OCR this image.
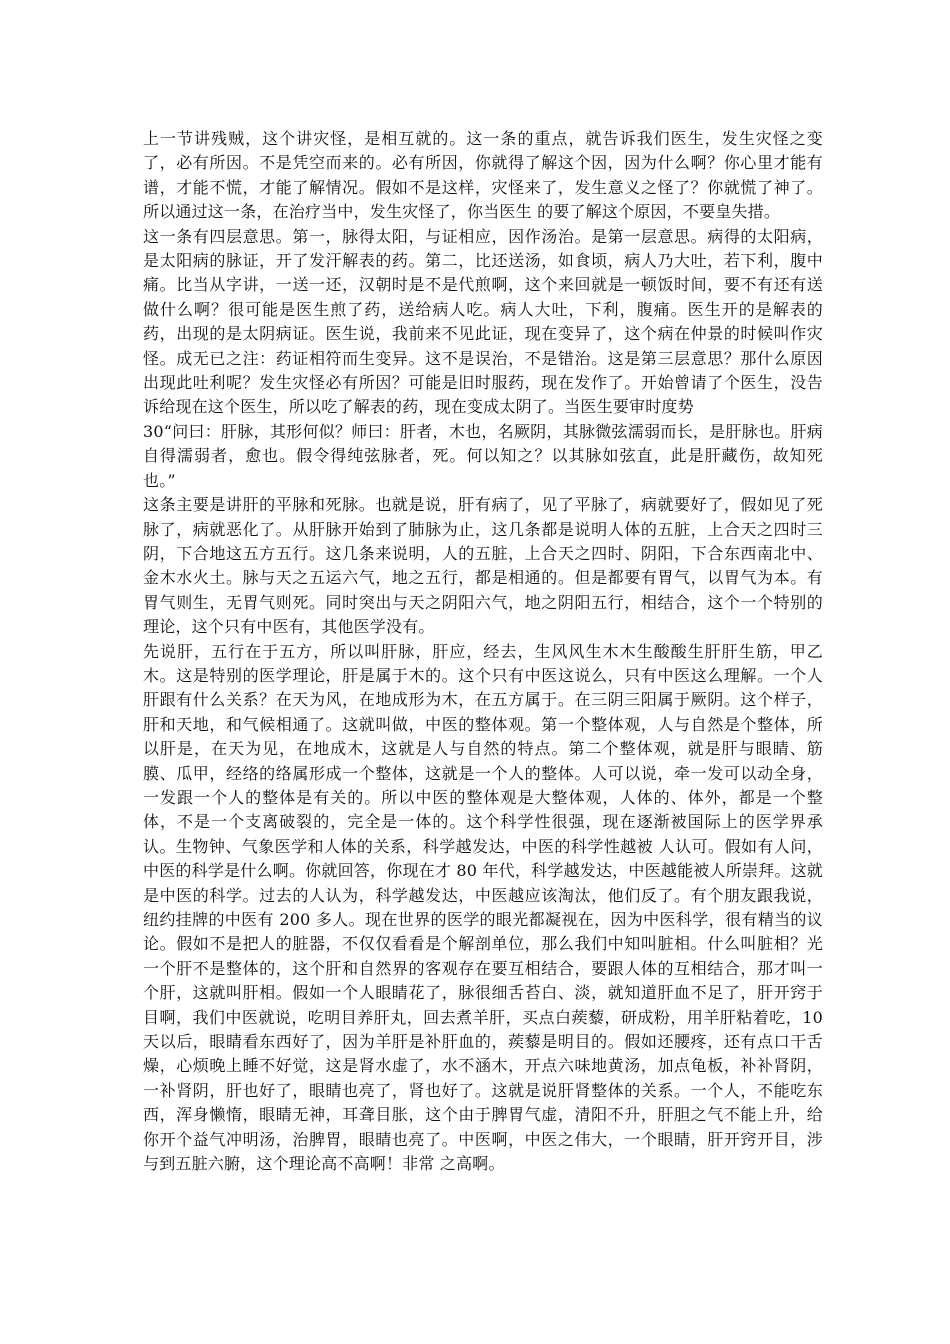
上一节讲残贼，这个讲灾怪，是相互就的。这一条的重点，就告诉我们医生，发生灾怪之变了，必有所因。不是凭空而来的。必有所因，你就得了解这个因，因为什么啊？你心里才能有谱，才能不慌，才能了解情况。假如不是这样，灾怪来了，发生意义之怪了？你就慌了神了。所以通过这一条，在治疗当中，发生灾怪了，你当医生 的要了解这个原因，不要皇失措。

这一条有四层意思。第一，脉得太阳，与证相应，因作汤治。是第一层意思。病得的太阳病，是太阳病的脉证，开了发汗解表的药。第二，比还送汤，如食顷，病人乃大吐，若下利，腹中痛。比当从字讲，一送一还，汉朝时是不是代煎啊，这个来回就是一顿饭时间，要不有还有送做什么啊？很可能是医生煎了药，送给病人吃。病人大吐，下利，腹痛。医生开的是解表的药，出现的是太阴病证。医生说，我前来不见此证，现在变异了，这个病在仲景的时候叫作灾怪。成无已之注：药证相符而生变异。这不是误治，不是错治。这是第三层意思？那什么原因出现此吐利呢？发生灾怪必有所因？可能是旧时服药，现在发作了。开始曾请了个医生，没告诉给现在这个医生，所以吃了解表的药，现在变成太阴了。当医生要审时度势

30“问曰：肝脉，其形何似？师曰：肝者，木也，名厥阴，其脉微弦濡弱而长，是肝脉也。肝病自得濡弱者，愈也。假令得纯弦脉者，死。何以知之？以其脉如弦直，此是肝藏伤，故知死也。”

这条主要是讲肝的平脉和死脉。也就是说，肝有病了，见了平脉了，病就要好了，假如见了死脉了，病就恶化了。从肝脉开始到了肺脉为止，这几条都是说明人体的五脏，上合天之四时三阴，下合地这五方五行。这几条来说明，人的五脏，上合天之四时、阴阳，下合东西南北中、金木水火土。脉与天之五运六气，地之五行，都是相通的。但是都要有胃气，以胃气为本。有胃气则生，无胃气则死。同时突出与天之阴阳六气，地之阴阳五行，相结合，这个一个特别的理论，这个只有中医有，其他医学没有。

先说肝，五行在于五方，所以叫肝脉，肝应，经去，生风风生木木生酸酸生肝肝生筋，甲乙木。这是特别的医学理论，肝是属于木的。这个只有中医这说么，只有中医这么理解。一个人肝跟有什么关系？在天为风，在地成形为木，在五方属于。在三阴三阳属于厥阴。这个样子，肝和天地，和气候相通了。这就叫做，中医的整体观。第一个整体观，人与自然是个整体，所以肝是，在天为见，在地成木，这就是人与自然的特点。第二个整体观，就是肝与眼睛、筋膜、瓜甲，经络的络属形成一个整体，这就是一个人的整体。人可以说，牵一发可以动全身，一发跟一个人的整体是有关的。所以中医的整体观是大整体观，人体的、体外，都是一个整体，不是一个支离破裂的，完全是一体的。这个科学性很强，现在逐渐被国际上的医学界承认。生物钟、气象医学和人体的关系，科学越发达，中医的科学性越被 人认可。假如有人问，中医的科学是什么啊。你就回答，你现在才 80 年代，科学越发达，中医越能被人所崇拜。这就是中医的科学。过去的人认为，科学越发达，中医越应该淘汰，他们反了。有个朋友跟我说，纽约挂牌的中医有 200 多人。现在世界的医学的眼光都凝视在，因为中医科学，很有精当的议论。假如不是把人的脏器，不仅仅看看是个解剖单位，那么我们中知叫脏相。什么叫脏相？光一个肝不是整体的，这个肝和自然界的客观存在要互相结合，要跟人体的互相结合，那才叫一个肝，这就叫肝相。假如一个人眼睛花了，脉很细舌苔白、淡，就知道肝血不足了，肝开窍于目啊，我们中医就说，吃明目养肝丸，回去煮羊肝，买点白蒺藜，研成粉，用羊肝粘着吃，10 天以后，眼睛看东西好了，因为羊肝是补肝血的，蒺藜是明目的。假如还腰疼，还有点口干舌燥，心烦晚上睡不好觉，这是肾水虚了，水不涵木，开点六味地黄汤，加点龟板，补补肾阴，一补肾阴，肝也好了，眼睛也亮了，肾也好了。这就是说肝肾整体的关系。一个人，不能吃东西，浑身懒惰，眼睛无神，耳聋目胀，这个由于脾胃气虚，清阳不升，肝胆之气不能上升，给你开个益气冲明汤，治脾胃，眼睛也亮了。中医啊，中医之伟大，一个眼睛，肝开窍开目，涉与到五脏六腑，这个理论高不高啊！非常 之高啊。
